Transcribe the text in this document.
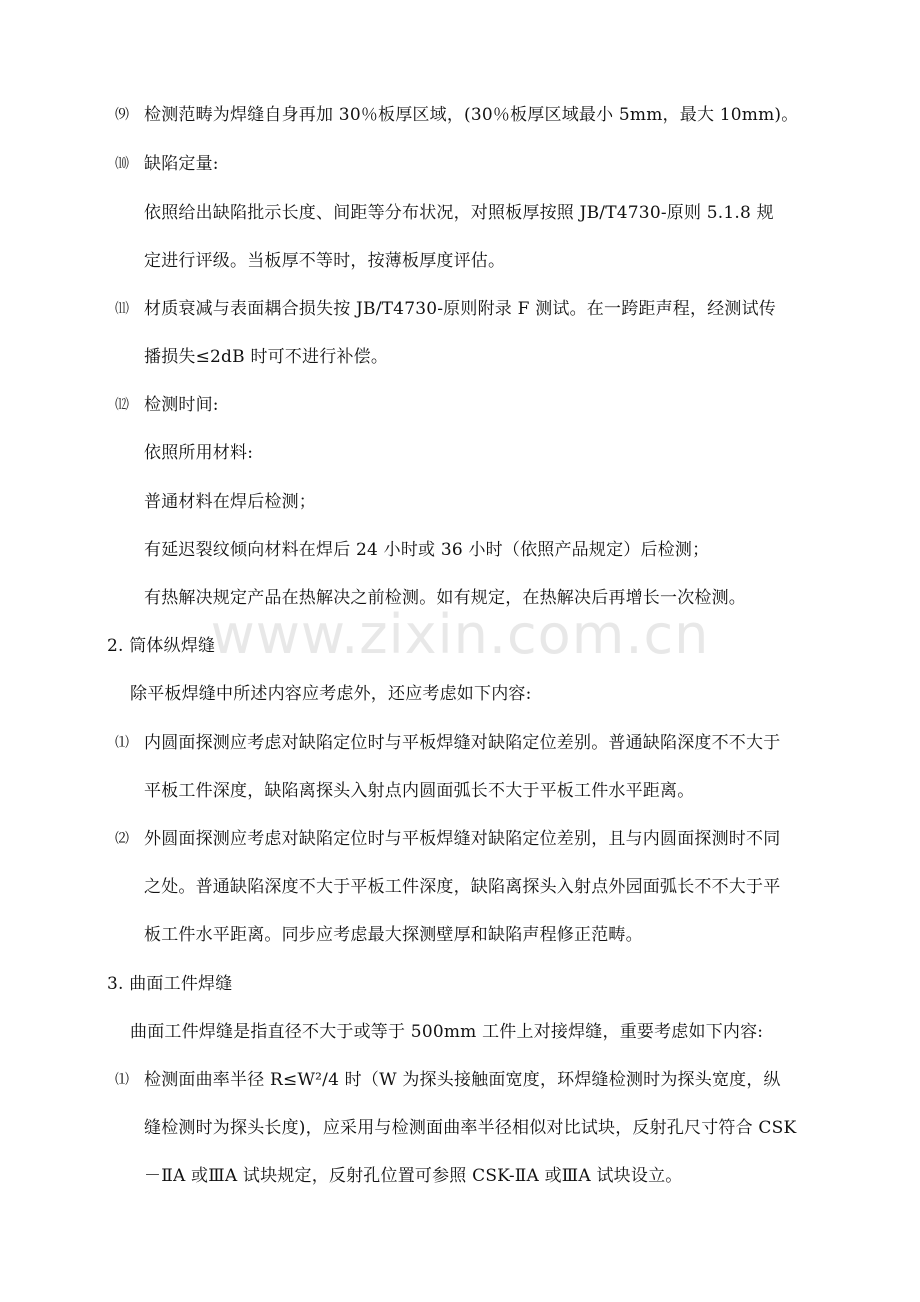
www.zixin.com.cn
⑼ 检测范畴为焊缝自身再加 30％板厚区域，(30％板厚区域最小 5mm，最大 10mm)。
⑽ 缺陷定量:
依照给出缺陷批示长度、间距等分布状况，对照板厚按照 JB/T4730-原则 5.1.8 规
定进行评级。当板厚不等时，按薄板厚度评估。
⑾ 材质衰减与表面耦合损失按 JB/T4730-原则附录 F 测试。在一跨距声程，经测试传
播损失≤2dB 时可不进行补偿。
⑿ 检测时间:
依照所用材料:
普通材料在焊后检测；
有延迟裂纹倾向材料在焊后 24 小时或 36 小时（依照产品规定）后检测；
有热解决规定产品在热解决之前检测。如有规定，在热解决后再增长一次检测。
2. 筒体纵焊缝
除平板焊缝中所述内容应考虑外，还应考虑如下内容:
⑴ 内圆面探测应考虑对缺陷定位时与平板焊缝对缺陷定位差别。普通缺陷深度不不大于
平板工件深度，缺陷离探头入射点内圆面弧长不大于平板工件水平距离。
⑵ 外圆面探测应考虑对缺陷定位时与平板焊缝对缺陷定位差别，且与内圆面探测时不同
之处。普通缺陷深度不大于平板工件深度，缺陷离探头入射点外园面弧长不不大于平
板工件水平距离。同步应考虑最大探测壁厚和缺陷声程修正范畴。
3. 曲面工件焊缝
曲面工件焊缝是指直径不大于或等于 500mm 工件上对接焊缝，重要考虑如下内容:
⑴ 检测面曲率半径 R≤W²/4 时（W 为探头接触面宽度，环焊缝检测时为探头宽度，纵
缝检测时为探头长度)，应采用与检测面曲率半径相似对比试块，反射孔尺寸符合 CSK
－ⅡA 或ⅢA 试块规定，反射孔位置可参照 CSK-ⅡA 或ⅢA 试块设立。
